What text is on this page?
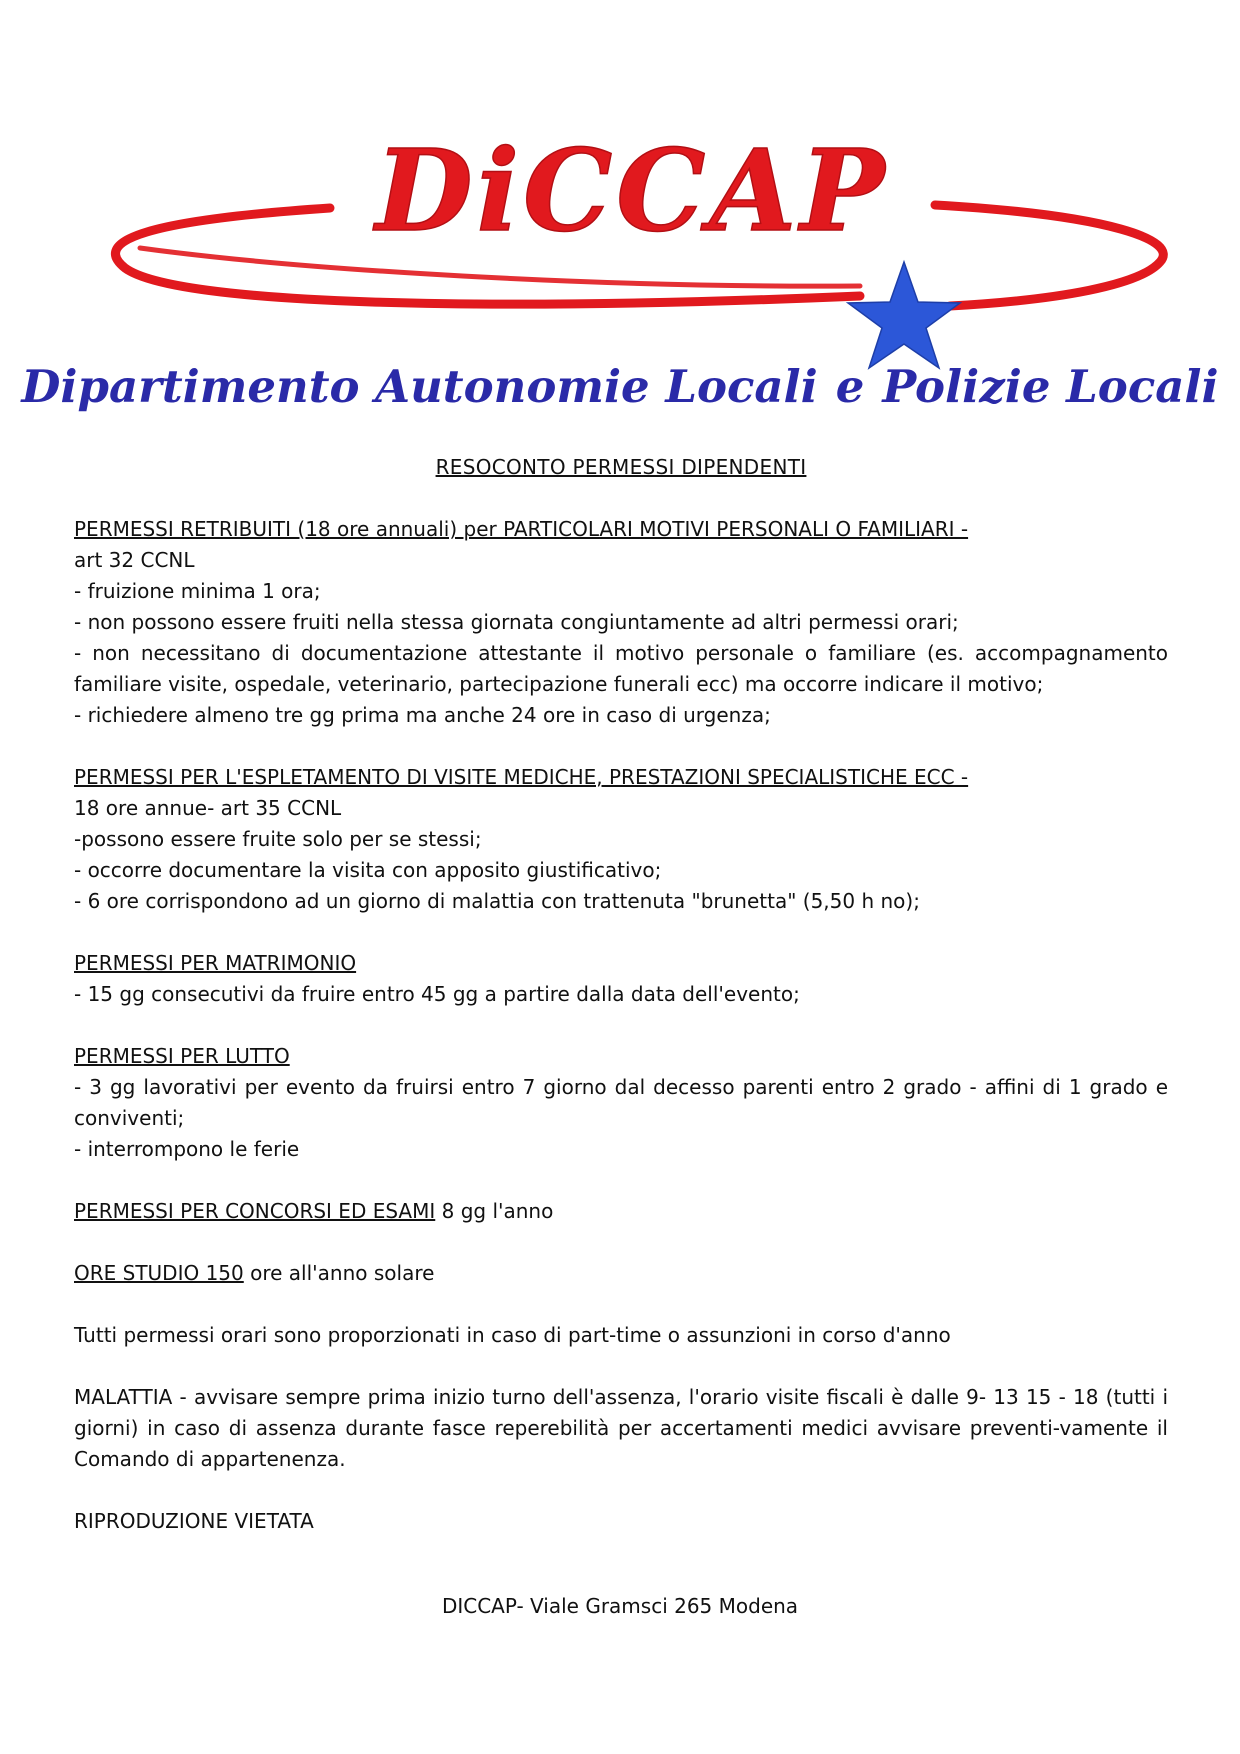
DiCCAP
Dipartimento Autonomie Locali e Polizie Locali
RESOCONTO PERMESSI DIPENDENTI

PERMESSI RETRIBUITI (18 ore annuali) per PARTICOLARI MOTIVI PERSONALI O FAMILIARI -

art 32 CCNL

- fruizione minima 1 ora;

- non possono essere fruiti nella stessa giornata congiuntamente ad altri permessi orari;

- non necessitano di documentazione attestante il motivo personale o familiare (es. accompagnamento familiare visite, ospedale, veterinario, partecipazione funerali ecc) ma occorre indicare il motivo;

- richiedere almeno tre gg prima ma anche 24 ore in caso di urgenza;

PERMESSI PER L'ESPLETAMENTO DI VISITE MEDICHE, PRESTAZIONI SPECIALISTICHE ECC -

18 ore annue- art 35 CCNL

-possono essere fruite solo per se stessi;

- occorre documentare la visita con apposito giustificativo;

- 6 ore corrispondono ad un giorno di malattia con trattenuta "brunetta" (5,50 h no);

PERMESSI PER MATRIMONIO

- 15 gg consecutivi da fruire entro 45 gg a partire dalla data dell'evento;

PERMESSI PER LUTTO

- 3 gg lavorativi per evento da fruirsi entro 7 giorno dal decesso parenti entro 2 grado - affini di 1 grado e conviventi;

- interrompono le ferie

PERMESSI PER CONCORSI ED ESAMI 8 gg l'anno

ORE STUDIO 150 ore all'anno solare

Tutti permessi orari sono proporzionati in caso di part-time o assunzioni in corso d'anno

MALATTIA - avvisare sempre prima inizio turno dell'assenza, l'orario visite fiscali è dalle 9- 13 15 - 18 (tutti i giorni) in caso di assenza durante fasce reperebilità per accertamenti medici avvisare preventi-vamente il Comando di appartenenza.

RIPRODUZIONE VIETATA

DICCAP- Viale Gramsci 265 Modena
